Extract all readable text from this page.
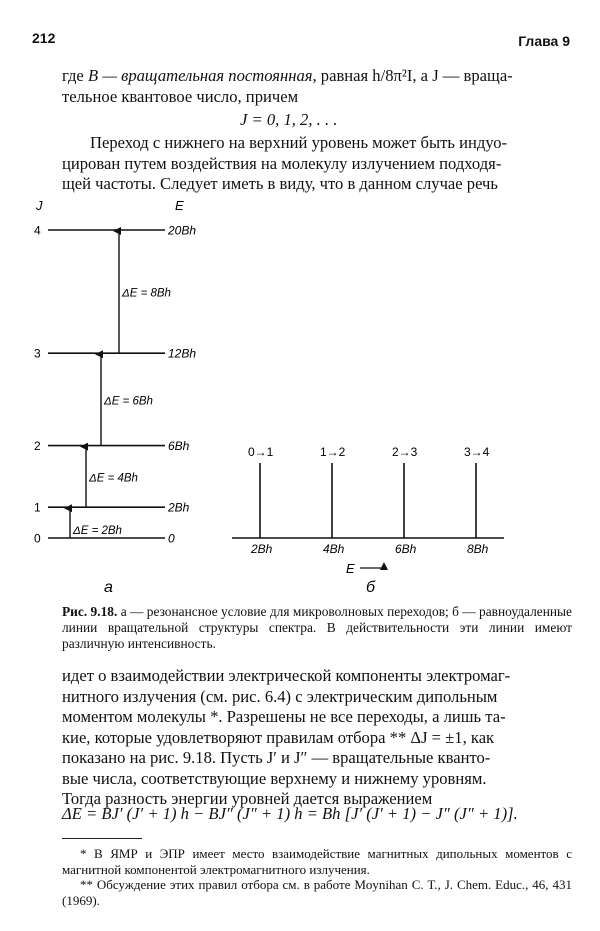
212	Глава 9
где B — вращательная постоянная, равная h/8π²I, а J — враща-
тельное квантовое число, причем
J = 0, 1, 2, . . .
Переход с нижнего на верхний уровень может быть индуо-
цирован путем воздействия на молекулу излучением подходя-
щей частоты. Следует иметь в виду, что в данном случае речь
J	E
0	0
1	2Bh
2	6Bh
3	12Bh
4	20Bh
ΔE = 2Bh
ΔE = 4Bh
ΔE = 6Bh
ΔE = 8Bh
E
0→1
2Bh
1→2
4Bh
2→3
6Bh
3→4
8Bh
а	б
Рис. 9.18. а — резонансное условие для микроволновых переходов; б — равноудаленные линии вращательной структуры спектра. В действительности эти линии имеют различную интенсивность.
идет о взаимодействии электрической компоненты электромаг-
нитного излучения (см. рис. 6.4) с электрическим дипольным
моментом молекулы *. Разрешены не все переходы, а лишь та-
кие, которые удовлетворяют правилам отбора ** ΔJ = ±1, как
показано на рис. 9.18. Пусть J′ и J″ — вращательные кванто-
вые числа, соответствующие верхнему и нижнему уровням.
Тогда разность энергии уровней дается выражением
ΔE = BJ′ (J′ + 1) h − BJ″ (J″ + 1) h = Bh [J′ (J′ + 1) − J″ (J″ + 1)].
* В ЯМР и ЭПР имеет место взаимодействие магнитных дипольных моментов с магнитной компонентой электромагнитного излучения.
** Обсуждение этих правил отбора см. в работе Moynihan C. T., J. Chem. Educ., 46, 431 (1969).
